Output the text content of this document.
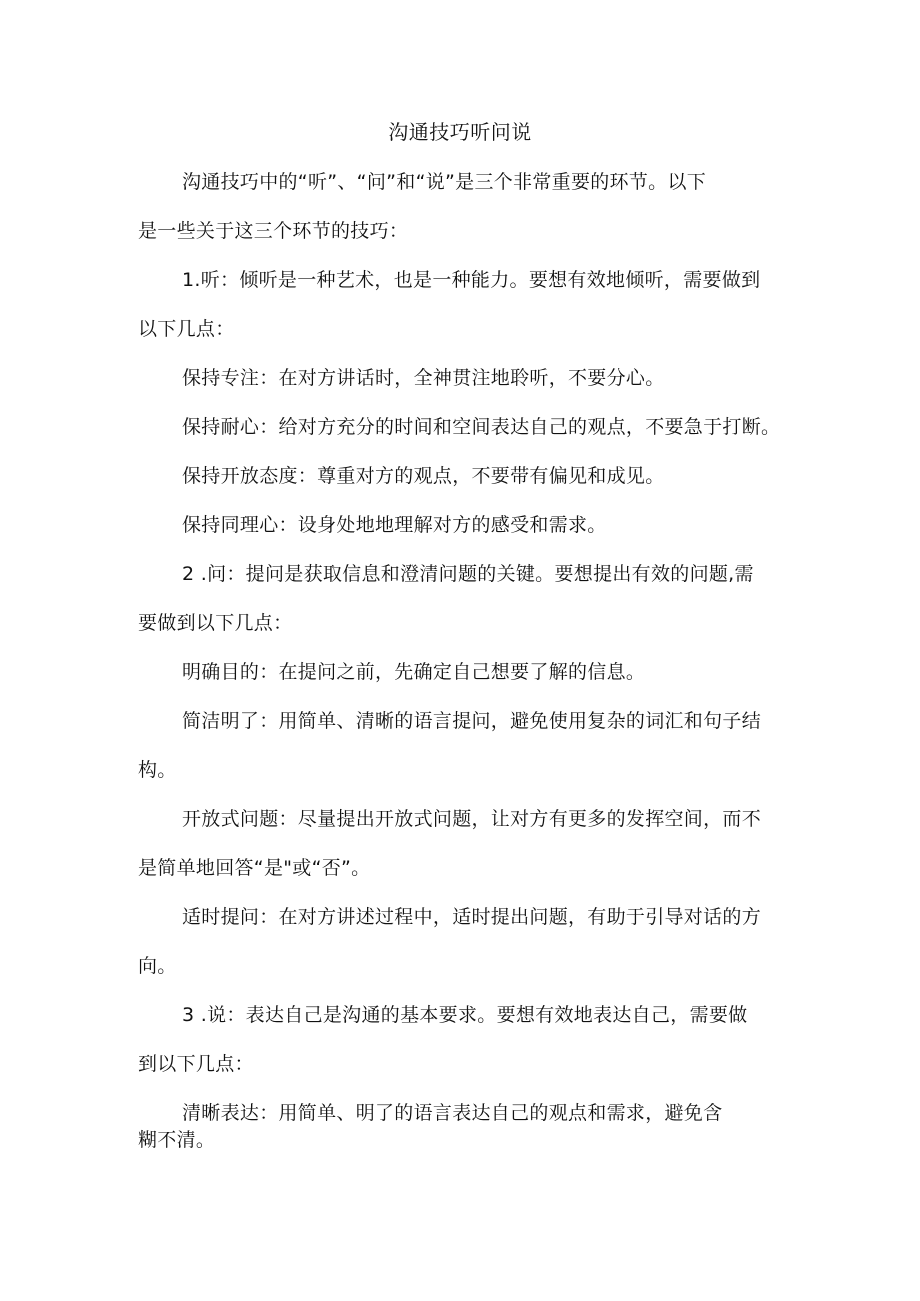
沟通技巧听问说
沟通技巧中的“听”、“问”和“说”是三个非常重要的环节。以下
是一些关于这三个环节的技巧：
1.听：倾听是一种艺术，也是一种能力。要想有效地倾听，需要做到
以下几点：
保持专注：在对方讲话时，全神贯注地聆听，不要分心。
保持耐心：给对方充分的时间和空间表达自己的观点，不要急于打断。
保持开放态度：尊重对方的观点，不要带有偏见和成见。
保持同理心：设身处地地理解对方的感受和需求。
2 .问：提问是获取信息和澄清问题的关键。要想提出有效的问题,需
要做到以下几点：
明确目的：在提问之前，先确定自己想要了解的信息。
简洁明了：用简单、清晰的语言提问，避免使用复杂的词汇和句子结
构。
开放式问题：尽量提出开放式问题，让对方有更多的发挥空间，而不
是简单地回答“是"或“否”。
适时提问：在对方讲述过程中，适时提出问题，有助于引导对话的方
向。
3 .说：表达自己是沟通的基本要求。要想有效地表达自己，需要做
到以下几点：
清晰表达：用简单、明了的语言表达自己的观点和需求，避免含
糊不清。
